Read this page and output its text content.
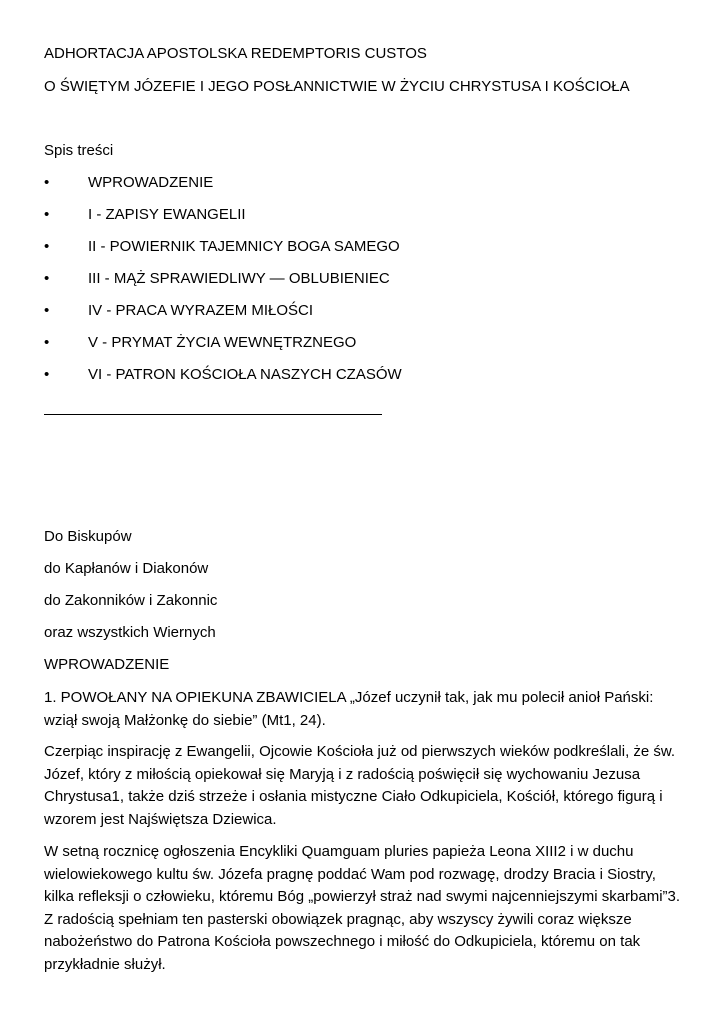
ADHORTACJA APOSTOLSKA REDEMPTORIS CUSTOS
O ŚWIĘTYM JÓZEFIE I JEGO POSŁANNICTWIE W ŻYCIU CHRYSTUSA I KOŚCIOŁA
Spis treści
•	WPROWADZENIE
•	I - ZAPISY EWANGELII
•	II - POWIERNIK TAJEMNICY BOGA SAMEGO
•	III - MĄŻ SPRAWIEDLIWY — OBLUBIENIEC
•	IV - PRACA WYRAZEM MIŁOŚCI
•	V - PRYMAT ŻYCIA WEWNĘTRZNEGO
•	VI - PATRON KOŚCIOŁA NASZYCH CZASÓW
Do Biskupów
do Kapłanów i Diakonów
do Zakonników i Zakonnic
oraz wszystkich Wiernych
WPROWADZENIE
1. POWOŁANY NA OPIEKUNA ZBAWICIELA „Józef uczynił tak, jak mu polecił anioł Pański: wziął swoją Małżonkę do siebie” (Mt1, 24).
Czerpiąc inspirację z Ewangelii, Ojcowie Kościoła już od pierwszych wieków podkreślali, że św. Józef, który z miłością opiekował się Maryją i z radością poświęcił się wychowaniu Jezusa Chrystusa1, także dziś strzeże i osłania mistyczne Ciało Odkupiciela, Kościół, którego figurą i wzorem jest Najświętsza Dziewica.
W setną rocznicę ogłoszenia Encykliki Quamguam pluries papieża Leona XIII2 i w duchu wielowiekowego kultu św. Józefa pragnę poddać Wam pod rozwagę, drodzy Bracia i Siostry, kilka refleksji o człowieku, któremu Bóg „powierzył straż nad swymi najcenniejszymi skarbami”3. Z radością spełniam ten pasterski obowiązek pragnąc, aby wszyscy żywili coraz większe nabożeństwo do Patrona Kościoła powszechnego i miłość do Odkupiciela, któremu on tak przykładnie służył.
